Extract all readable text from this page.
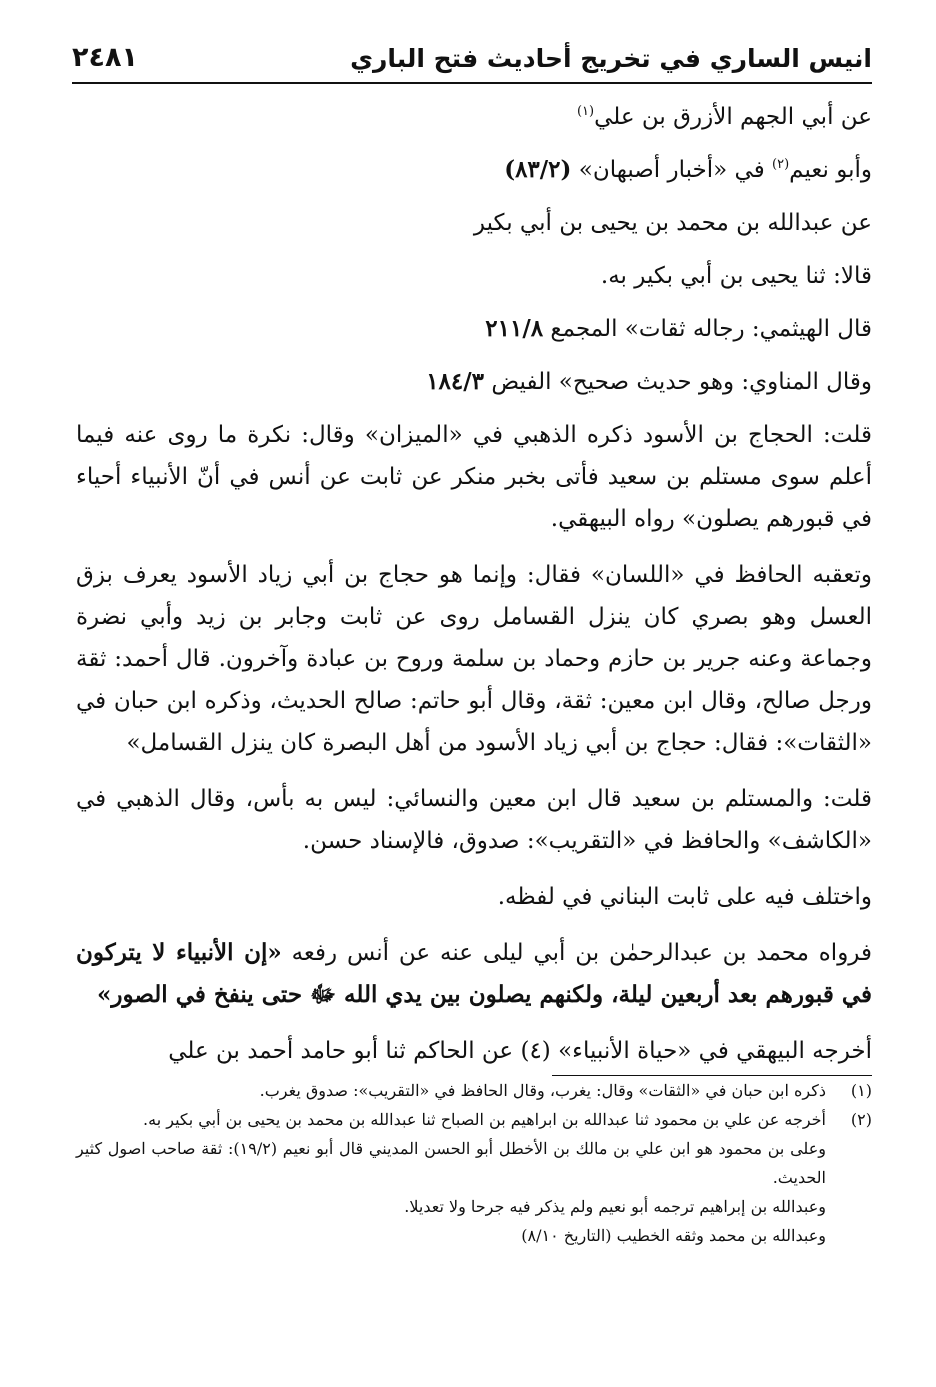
انيس الساري في تخريج أحاديث فتح الباري
٢٤٨١

عن أبي الجهم الأزرق بن علي$^{(١)}$

وأبو نعيم$^{(٢)}$ في «أخبار أصبهان» (٨٣/٢)

عن عبدالله بن محمد بن يحيى بن أبي بكير

قالا: ثنا يحيى بن أبي بكير به.

قال الهيثمي: رجاله ثقات» المجمع ٢١١/٨

وقال المناوي: وهو حديث صحيح» الفيض ١٨٤/٣

قلت: الحجاج بن الأسود ذكره الذهبي في «الميزان» وقال: نكرة ما روى عنه فيما أعلم سوى مستلم بن سعيد فأتى بخبر منكر عن ثابت عن أنس في أنّ الأنبياء أحياء في قبورهم يصلون» رواه البيهقي.

وتعقبه الحافظ في «اللسان» فقال: وإنما هو حجاج بن أبي زياد الأسود يعرف بزق العسل وهو بصري كان ينزل القسامل روى عن ثابت وجابر بن زيد وأبي نضرة وجماعة وعنه جرير بن حازم وحماد بن سلمة وروح بن عبادة وآخرون. قال أحمد: ثقة ورجل صالح، وقال ابن معين: ثقة، وقال أبو حاتم: صالح الحديث، وذكره ابن حبان في «الثقات»: فقال: حجاج بن أبي زياد الأسود من أهل البصرة كان ينزل القسامل»

قلت: والمستلم بن سعيد قال ابن معين والنسائي: ليس به بأس، وقال الذهبي في «الكاشف» والحافظ في «التقريب»: صدوق، فالإسناد حسن.

واختلف فيه على ثابت البناني في لفظه.

فرواه محمد بن عبدالرحمٰن بن أبي ليلى عنه عن أنس رفعه «إن الأنبياء لا يتركون في قبورهم بعد أربعين ليلة، ولكنهم يصلون بين يدي الله ﷻ حتى ينفخ في الصور»

أخرجه البيهقي في «حياة الأنبياء» (٤) عن الحاكم ثنا أبو حامد أحمد بن علي

(١)
ذكره ابن حبان في «الثقات» وقال: يغرب، وقال الحافظ في «التقريب»: صدوق يغرب.
(٢)
أخرجه عن علي بن محمود ثنا عبدالله بن ابراهيم بن الصباح ثنا عبدالله بن محمد بن يحيى بن أبي بكير به.

وعلى بن محمود هو ابن علي بن مالك بن الأخطل أبو الحسن المديني قال أبو نعيم (١٩/٢): ثقة صاحب اصول كثير الحديث.

وعبدالله بن إبراهيم ترجمه أبو نعيم ولم يذكر فيه جرحا ولا تعديلا.

وعبدالله بن محمد وثقه الخطيب (التاريخ ٨/١٠)
